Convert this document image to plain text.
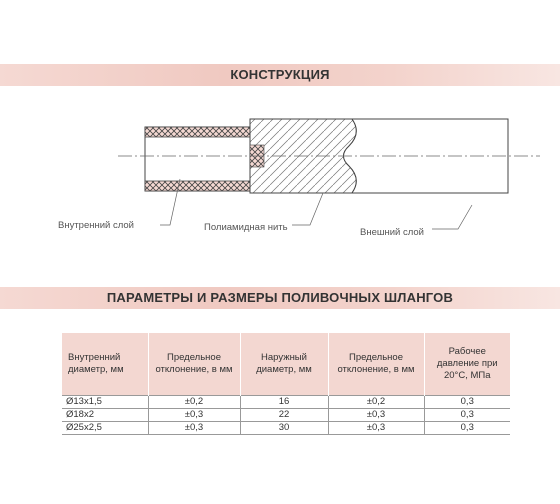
КОНСТРУКЦИЯ
Внутренний слой	Полиамидная нить	Внешний слой
ПАРАМЕТРЫ И РАЗМЕРЫ ПОЛИВОЧНЫХ ШЛАНГОВ
Внутренний диаметр, мм	Предельное отклонение, в мм	Наружный диаметр, мм	Предельное отклонение, в мм	Рабочее давление при 20°С, МПа
Ø13x1,5	±0,2	16	±0,2	0,3
Ø18x2	±0,3	22	±0,3	0,3
Ø25x2,5	±0,3	30	±0,3	0,3
